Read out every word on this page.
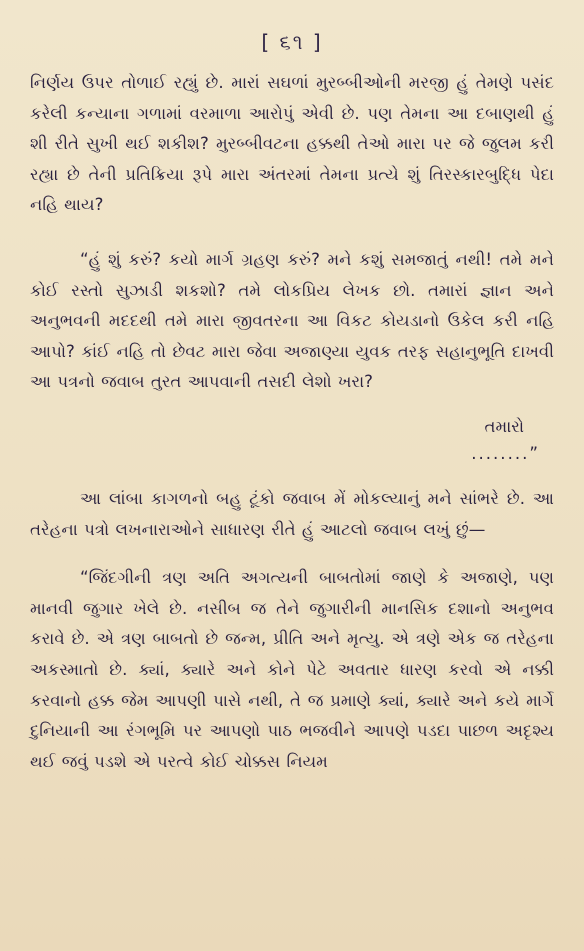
[ ૬૧ ]

નિર્ણય ઉપર તોળાઈ રહ્યું છે. મારાં સઘળાં મુરબ્બીઓની મરજી હું તેમણે પસંદ કરેલી કન્યાના ગળામાં વરમાળા આરોપું એવી છે. પણ તેમના આ દબાણથી હું શી રીતે સુખી થઈ શકીશ? મુરબ્બીવટના હક્કથી તેઓ મારા પર જે જુલમ કરી રહ્યા છે તેની પ્રતિક્રિયા રૂપે મારા અંતરમાં તેમના પ્રત્યે શું તિરસ્કારબુદ્ધિ પેદા નહિ થાય?

“હું શું કરું? કયો માર્ગ ગ્રહણ કરું? મને કશું સમજાતું નથી! તમે મને કોઈ રસ્તો સુઝાડી શકશો? તમે લોકપ્રિય લેખક છો. તમારાં જ્ઞાન અને અનુભવની મદદથી તમે મારા જીવતરના આ વિકટ કોયડાનો ઉકેલ કરી નહિ આપો? કાંઈ નહિ તો છેવટ મારા જેવા અજાણ્યા યુવક તરફ સહાનુભૂતિ દાખવી આ પત્રનો જવાબ તુરત આપવાની તસદી લેશો ખરા?

તમારો
........”

આ લાંબા કાગળનો બહુ ટૂંકો જવાબ મેં મોકલ્યાનું મને સાંભરે છે. આ તરેહના પત્રો લખનારાઓને સાધારણ રીતે હું આટલો જવાબ લખું છું—

“જિંદગીની ત્રણ અતિ અગત્યની બાબતોમાં જાણે કે અજાણે, પણ માનવી જુગાર ખેલે છે. નસીબ જ તેને જુગારીની માનસિક દશાનો અનુભવ કરાવે છે. એ ત્રણ બાબતો છે જન્મ, પ્રીતિ અને મૃત્યુ. એ ત્રણે એક જ તરેહના અકસ્માતો છે. ક્યાં, ક્યારે અને કોને પેટે અવતાર ધારણ કરવો એ નક્કી કરવાનો હક્ક જેમ આપણી પાસે નથી, તે જ પ્રમાણે ક્યાં, ક્યારે અને કયે માર્ગે દુનિયાની આ રંગભૂમિ પર આપણો પાઠ ભજવીને આપણે પડદા પાછળ અદૃશ્ય થઈ જવું પડશે એ પરત્વે કોઈ ચોક્કસ નિયમ
